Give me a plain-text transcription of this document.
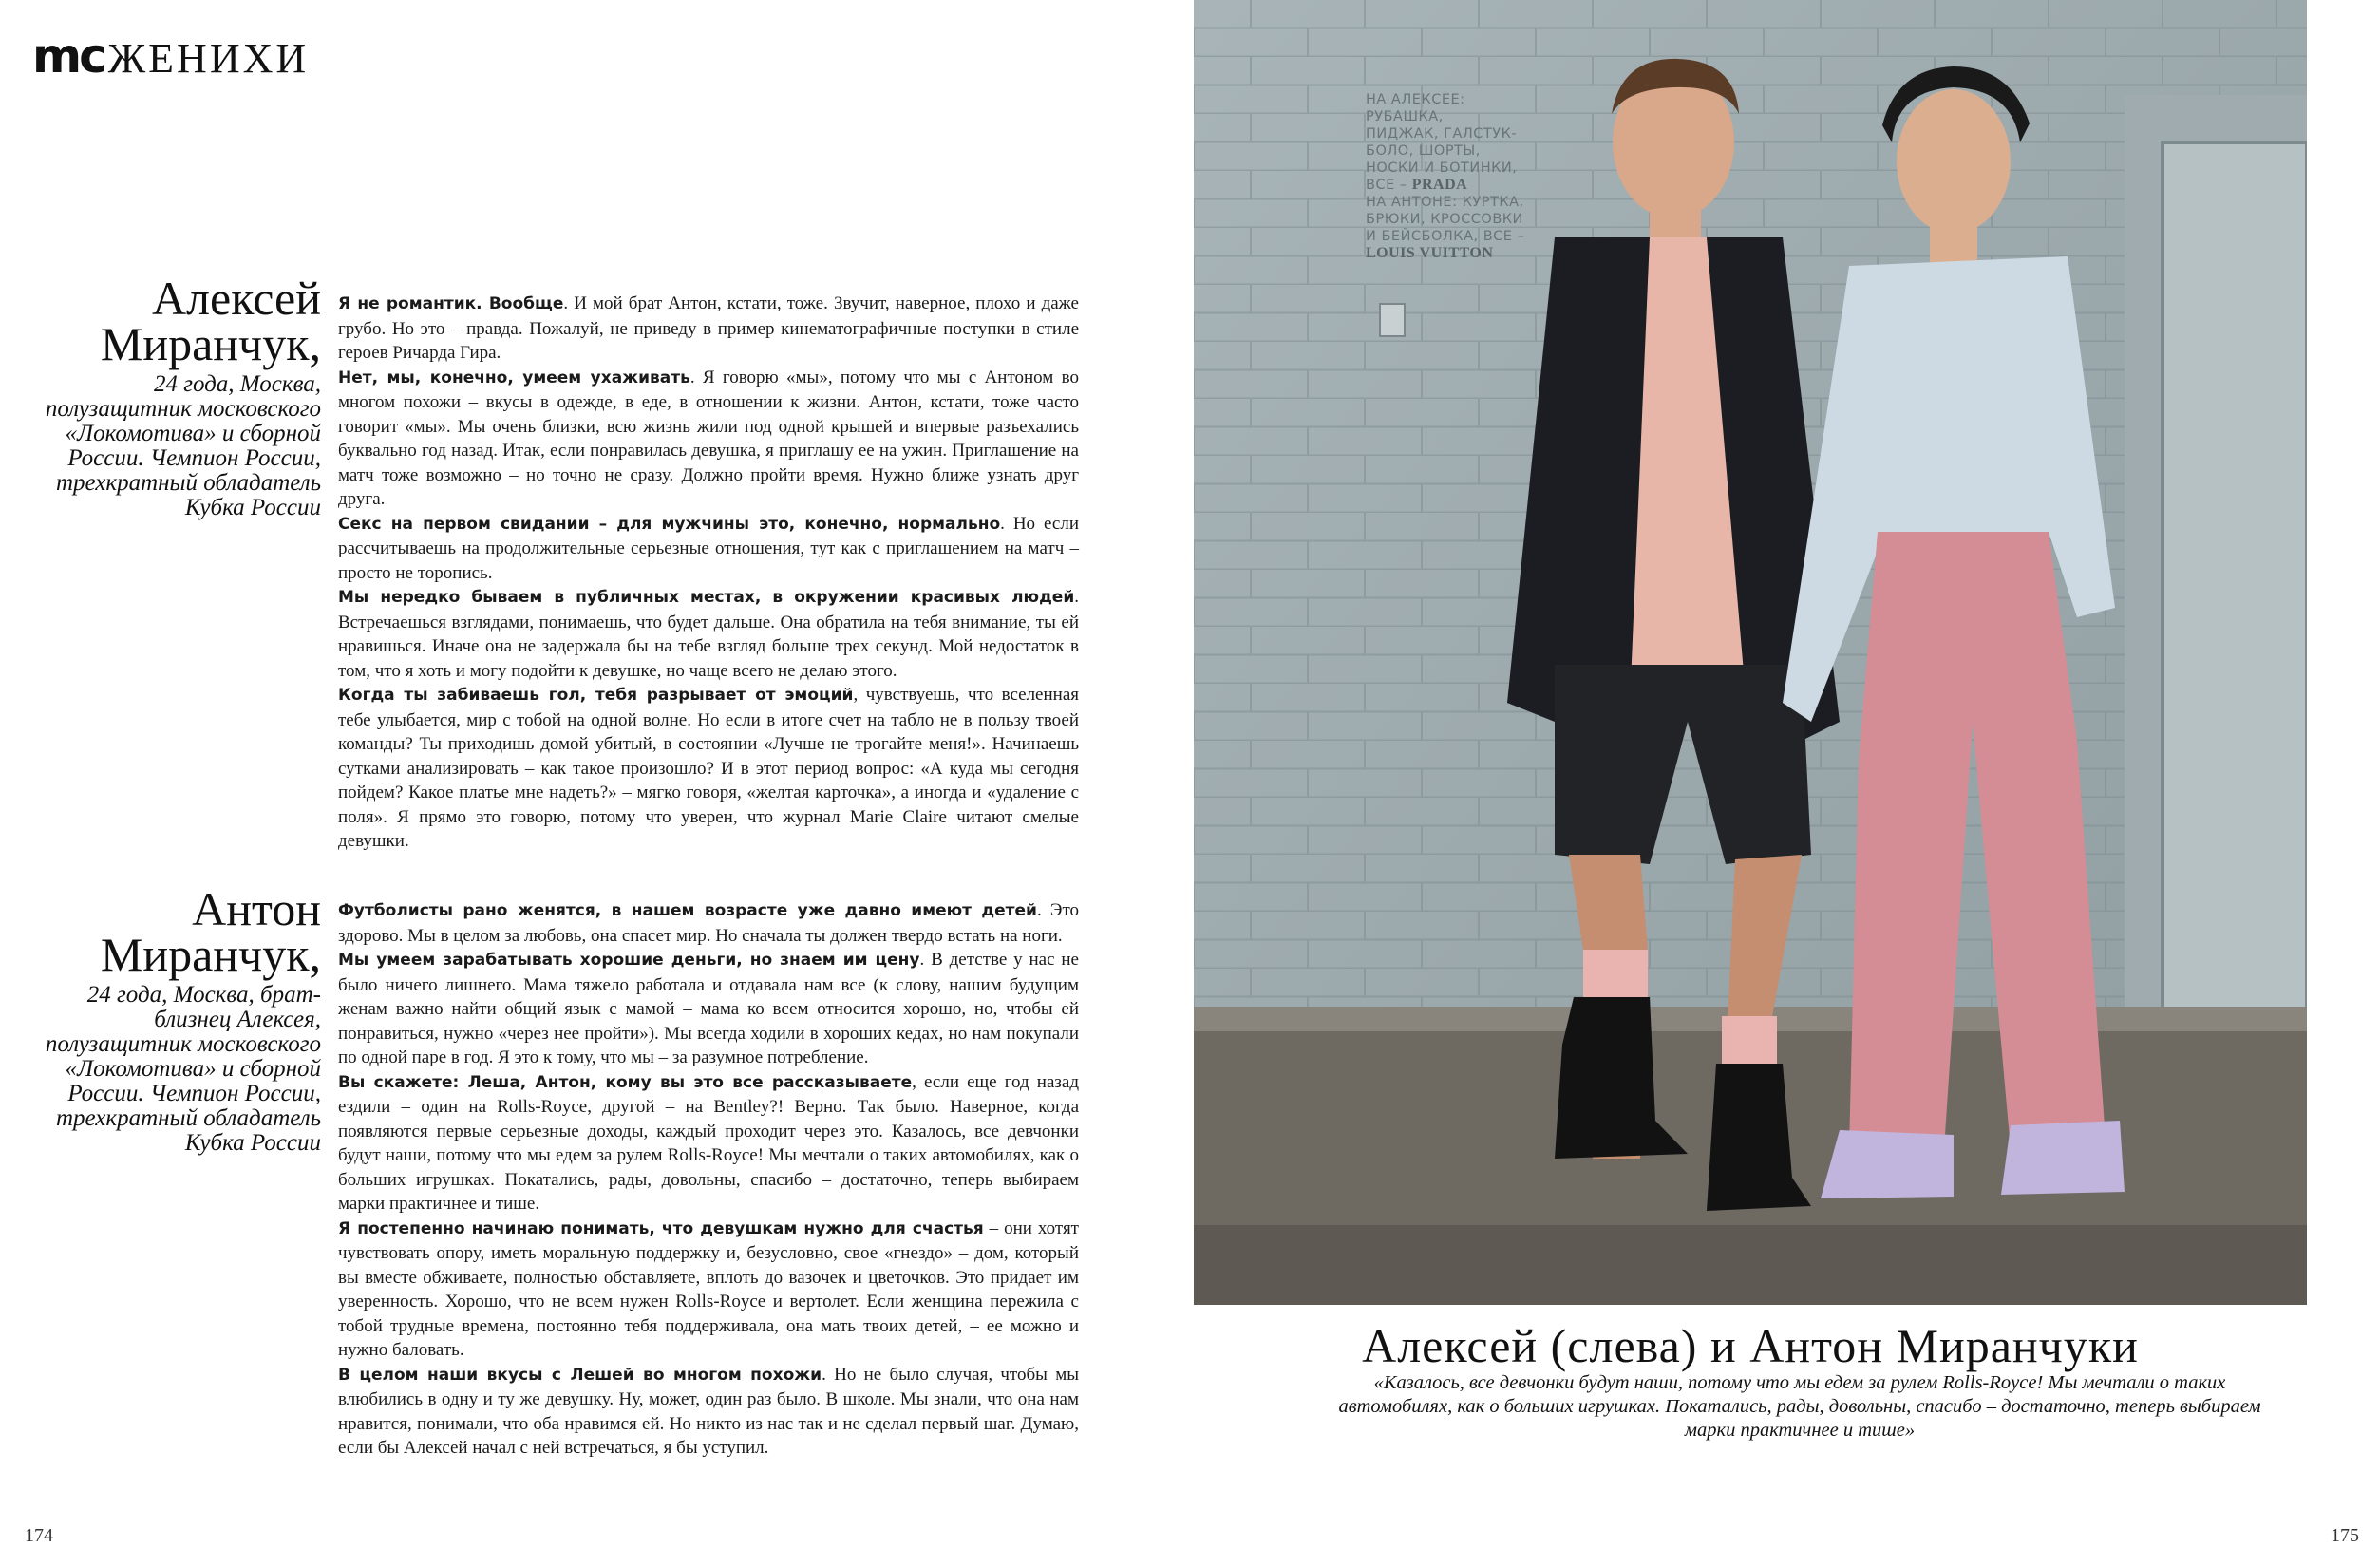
mc ЖЕНИХИ
Алексей Миранчук,
24 года, Москва, полузащитник московского «Локомотива» и сборной России. Чемпион России, трехкратный обладатель Кубка России
Антон Миранчук,
24 года, Москва, брат-близнец Алексея, полузащитник московского «Локомотива» и сборной России. Чемпион России, трехкратный обладатель Кубка России

Я не романтик. Вообще. И мой брат Антон, кстати, тоже. Звучит, наверное, плохо и даже грубо. Но это – правда. Пожалуй, не приведу в пример кинематографичные поступки в стиле героев Ричарда Гира.

Нет, мы, конечно, умеем ухаживать. Я говорю «мы», потому что мы с Антоном во многом похожи – вкусы в одежде, в еде, в отношении к жизни. Антон, кстати, тоже часто говорит «мы». Мы очень близки, всю жизнь жили под одной крышей и впервые разъехались буквально год назад. Итак, если понравилась девушка, я приглашу ее на ужин. Приглашение на матч тоже возможно – но точно не сразу. Должно пройти время. Нужно ближе узнать друг друга.

Секс на первом свидании – для мужчины это, конечно, нормально. Но если рассчитываешь на продолжительные серьезные отношения, тут как с приглашением на матч – просто не торопись.

Мы нередко бываем в публичных местах, в окружении красивых людей. Встречаешься взглядами, понимаешь, что будет дальше. Она обратила на тебя внимание, ты ей нравишься. Иначе она не задержала бы на тебе взгляд больше трех секунд. Мой недостаток в том, что я хоть и могу подойти к девушке, но чаще всего не делаю этого.

Когда ты забиваешь гол, тебя разрывает от эмоций, чувствуешь, что вселенная тебе улыбается, мир с тобой на одной волне. Но если в итоге счет на табло не в пользу твоей команды? Ты приходишь домой убитый, в состоянии «Лучше не трогайте меня!». Начинаешь сутками анализировать – как такое произошло? И в этот период вопрос: «А куда мы сегодня пойдем? Какое платье мне надеть?» – мягко говоря, «желтая карточка», а иногда и «удаление с поля». Я прямо это говорю, потому что уверен, что журнал Marie Claire читают смелые девушки.

Футболисты рано женятся, в нашем возрасте уже давно имеют детей. Это здорово. Мы в целом за любовь, она спасет мир. Но сначала ты должен твердо встать на ноги.

Мы умеем зарабатывать хорошие деньги, но знаем им цену. В детстве у нас не было ничего лишнего. Мама тяжело работала и отдавала нам все (к слову, нашим будущим женам важно найти общий язык с мамой – мама ко всем относится хорошо, но, чтобы ей понравиться, нужно «через нее пройти»). Мы всегда ходили в хороших кедах, но нам покупали по одной паре в год. Я это к тому, что мы – за разумное потребление.

Вы скажете: Леша, Антон, кому вы это все рассказываете, если еще год назад ездили – один на Rolls-Royce, другой – на Bentley?! Верно. Так было. Наверное, когда появляются первые серьезные доходы, каждый проходит через это. Казалось, все девчонки будут наши, потому что мы едем за рулем Rolls-Royce! Мы мечтали о таких автомобилях, как о больших игрушках. Покатались, рады, довольны, спасибо – достаточно, теперь выбираем марки практичнее и тише.

Я постепенно начинаю понимать, что девушкам нужно для счастья – они хотят чувствовать опору, иметь моральную поддержку и, безусловно, свое «гнездо» – дом, который вы вместе обживаете, полностью обставляете, вплоть до вазочек и цветочков. Это придает им уверенность. Хорошо, что не всем нужен Rolls-Royce и вертолет. Если женщина пережила с тобой трудные времена, постоянно тебя поддерживала, она мать твоих детей, – ее можно и нужно баловать.

В целом наши вкусы с Лешей во многом похожи. Но не было случая, чтобы мы влюбились в одну и ту же девушку. Ну, может, один раз было. В школе. Мы знали, что она нам нравится, понимали, что оба нравимся ей. Но никто из нас так и не сделал первый шаг. Думаю, если бы Алексей начал с ней встречаться, я бы уступил.

НА АЛЕКСЕЕ: РУБАШКА,
ПИДЖАК, ГАЛСТУК-
БОЛО, ШОРТЫ,
НОСКИ И БОТИНКИ,
ВСЕ – PRADA
НА АНТОНЕ: КУРТКА,
БРЮКИ, КРОССОВКИ
И БЕЙСБОЛКА, ВСЕ –
LOUIS VUITTON
Алексей (слева) и Антон Миранчуки
«Казалось, все девчонки будут наши, потому что мы едем за рулем Rolls-Royce! Мы мечтали о таких автомобилях, как о больших игрушках. Покатались, рады, довольны, спасибо – достаточно, теперь выбираем марки практичнее и тише»
174	175
